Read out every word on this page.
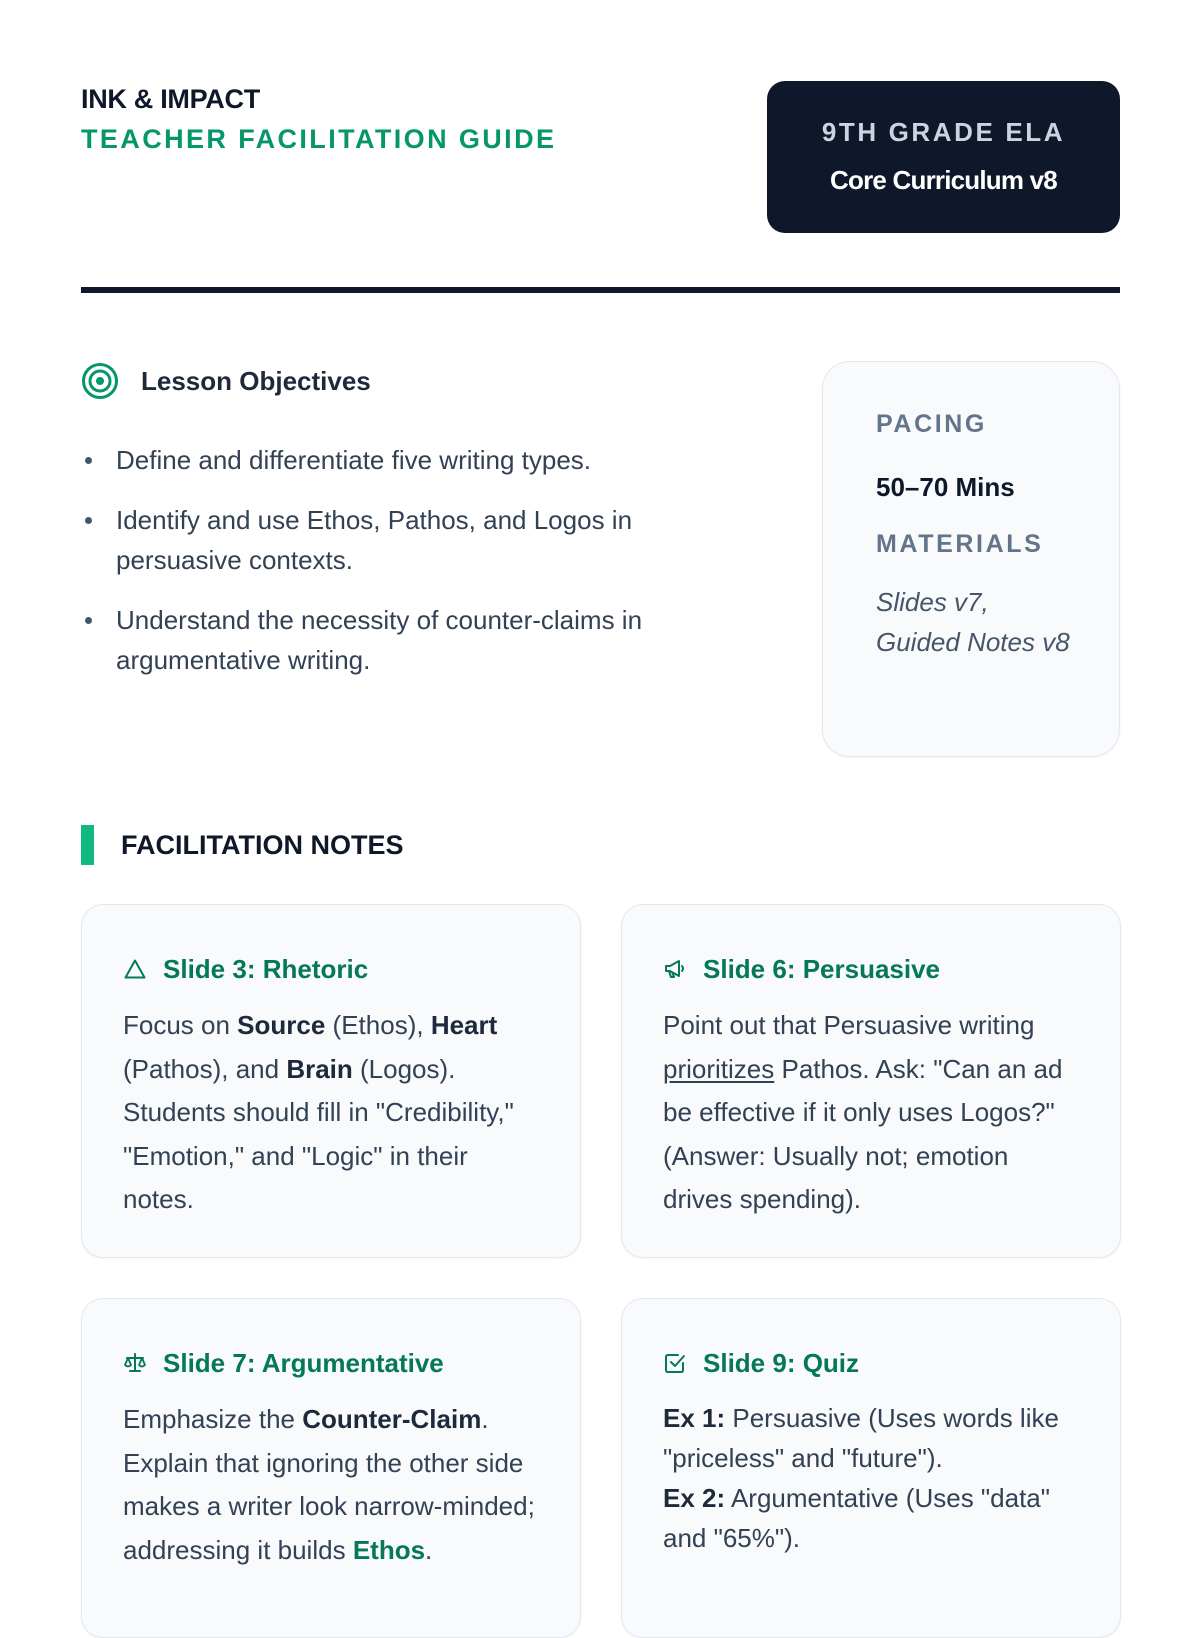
INK & IMPACT
TEACHER FACILITATION GUIDE	9TH GRADE ELA
Core Curriculum v8
Lesson Objectives
Define and differentiate five writing types.
Identify and use Ethos, Pathos, and Logos in persuasive contexts.
Understand the necessity of counter-claims in argumentative writing.
PACING
50–70 Mins
MATERIALS
Slides v7, Guided Notes v8
FACILITATION NOTES
Slide 3: Rhetoric
Focus on Source (Ethos), Heart (Pathos), and Brain (Logos). Students should fill in "Credibility," "Emotion," and "Logic" in their notes.
Slide 6: Persuasive
Point out that Persuasive writing prioritizes Pathos. Ask: "Can an ad be effective if it only uses Logos?" (Answer: Usually not; emotion drives spending).
Slide 7: Argumentative
Emphasize the Counter-Claim. Explain that ignoring the other side makes a writer look narrow-minded; addressing it builds Ethos.
Slide 9: Quiz
Ex 1: Persuasive (Uses words like "priceless" and "future").
Ex 2: Argumentative (Uses "data" and "65%").
